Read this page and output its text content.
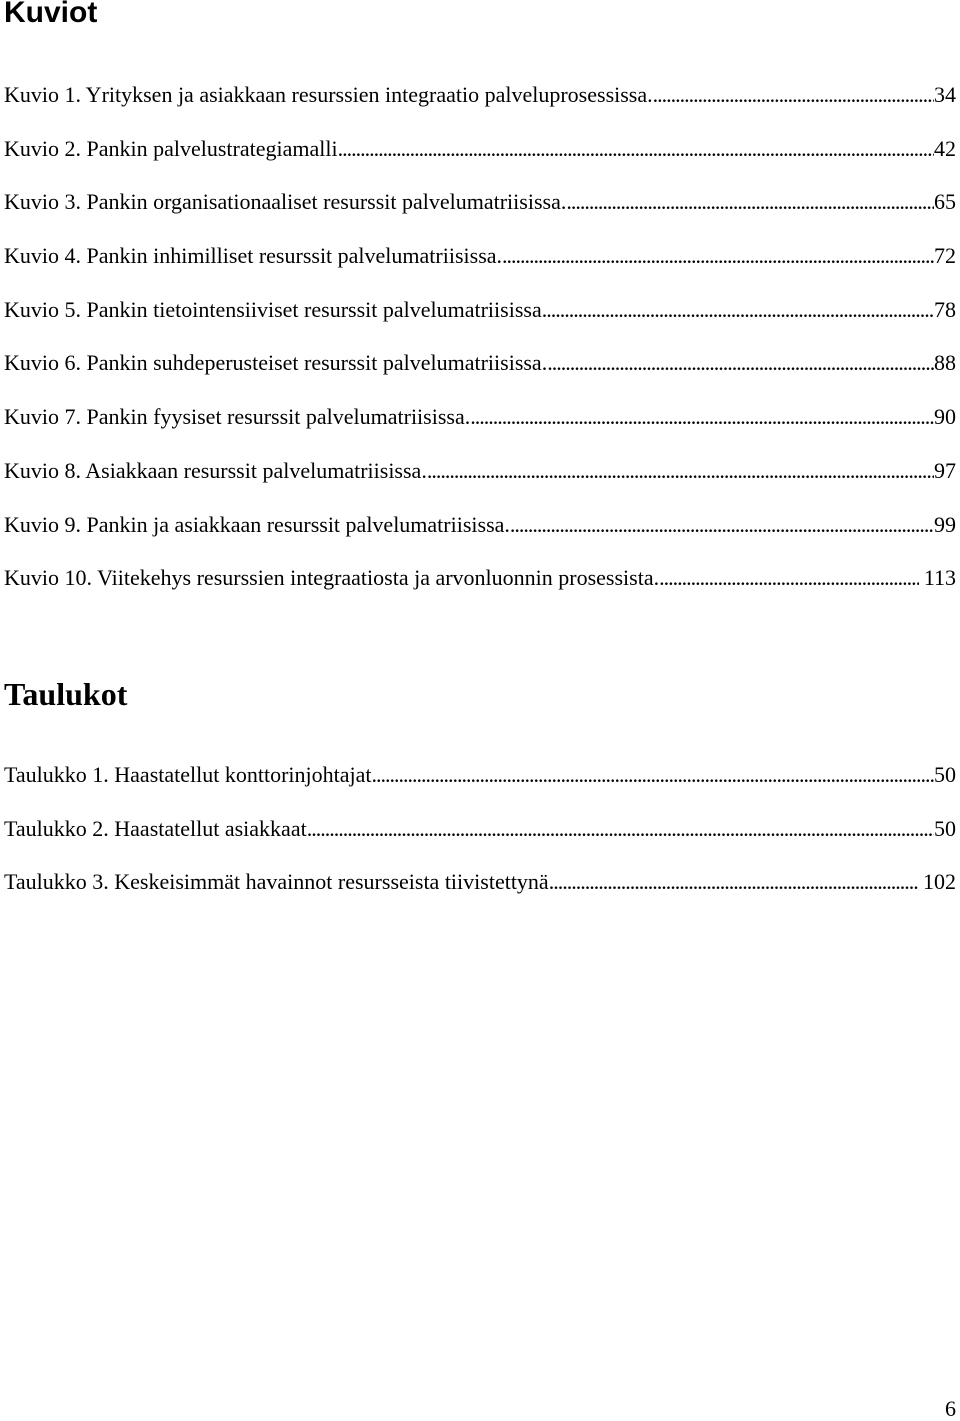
Kuviot
Kuvio 1. Yrityksen ja asiakkaan resurssien integraatio palveluprosessissa. .....	34
Kuvio 2. Pankin palvelustrategiamalli .....	42
Kuvio 3. Pankin organisationaaliset resurssit palvelumatriisissa. .....	65
Kuvio 4. Pankin inhimilliset resurssit palvelumatriisissa. .....	72
Kuvio 5. Pankin tietointensiiviset resurssit palvelumatriisissa .....	78
Kuvio 6. Pankin suhdeperusteiset resurssit palvelumatriisissa. .....	88
Kuvio 7. Pankin fyysiset resurssit palvelumatriisissa. .....	90
Kuvio 8. Asiakkaan resurssit palvelumatriisissa. .....	97
Kuvio 9. Pankin ja asiakkaan resurssit palvelumatriisissa. .....	99
Kuvio 10. Viitekehys resurssien integraatiosta ja arvonluonnin prosessista. .....	113
Taulukot
Taulukko 1. Haastatellut konttorinjohtajat .....	50
Taulukko 2. Haastatellut asiakkaat .....	50
Taulukko 3. Keskeisimmät havainnot resursseista tiivistettynä .....	102
6
